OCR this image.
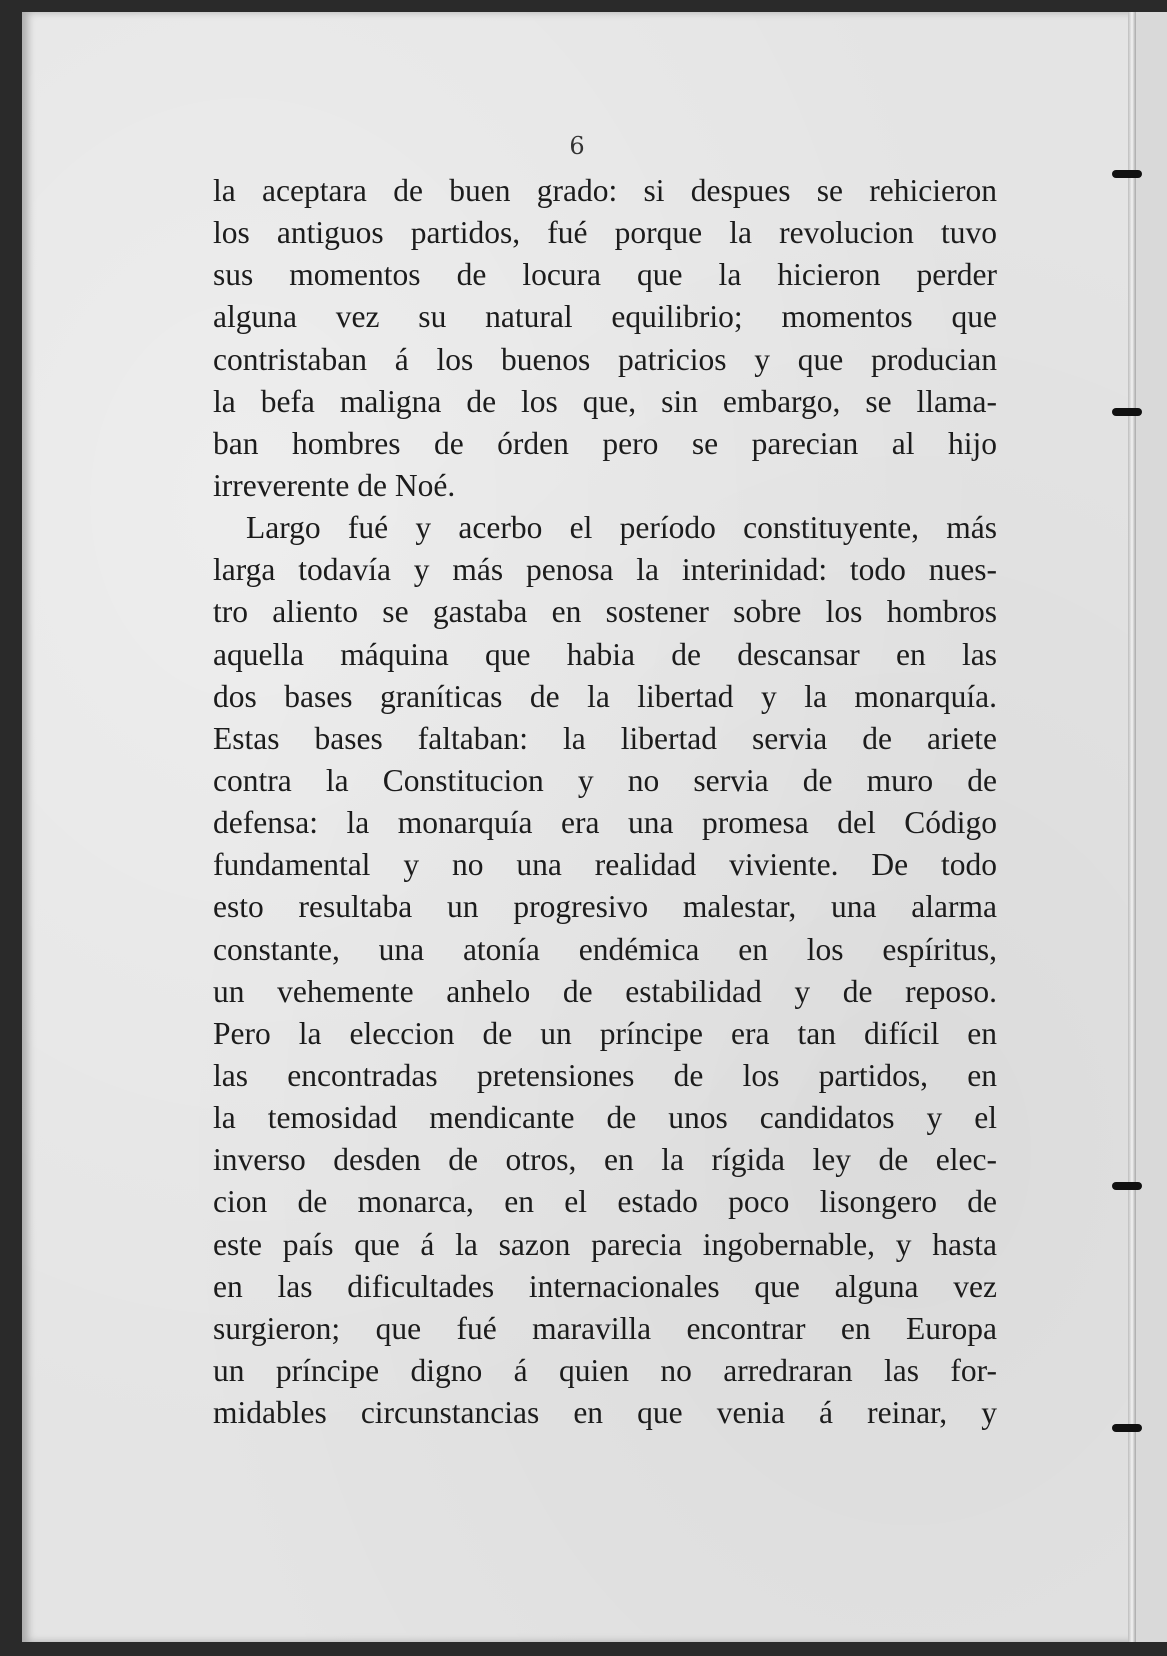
6
la aceptara de buen grado: si despues se rehicieron
los antiguos partidos, fué porque la revolucion tuvo
sus momentos de locura que la hicieron perder
alguna vez su natural equilibrio; momentos que
contristaban á los buenos patricios y que producian
la befa maligna de los que, sin embargo, se llama-
ban hombres de órden pero se parecian al hijo
irreverente de Noé.
Largo fué y acerbo el período constituyente, más
larga todavía y más penosa la interinidad: todo nues-
tro aliento se gastaba en sostener sobre los hombros
aquella máquina que habia de descansar en las
dos bases graníticas de la libertad y la monarquía.
Estas bases faltaban: la libertad servia de ariete
contra la Constitucion y no servia de muro de
defensa: la monarquía era una promesa del Código
fundamental y no una realidad viviente. De todo
esto resultaba un progresivo malestar, una alarma
constante, una atonía endémica en los espíritus,
un vehemente anhelo de estabilidad y de reposo.
Pero la eleccion de un príncipe era tan difícil en
las encontradas pretensiones de los partidos, en
la temosidad mendicante de unos candidatos y el
inverso desden de otros, en la rígida ley de elec-
cion de monarca, en el estado poco lisongero de
este país que á la sazon parecia ingobernable, y hasta
en las dificultades internacionales que alguna vez
surgieron; que fué maravilla encontrar en Europa
un príncipe digno á quien no arredraran las for-
midables circunstancias en que venia á reinar, y
